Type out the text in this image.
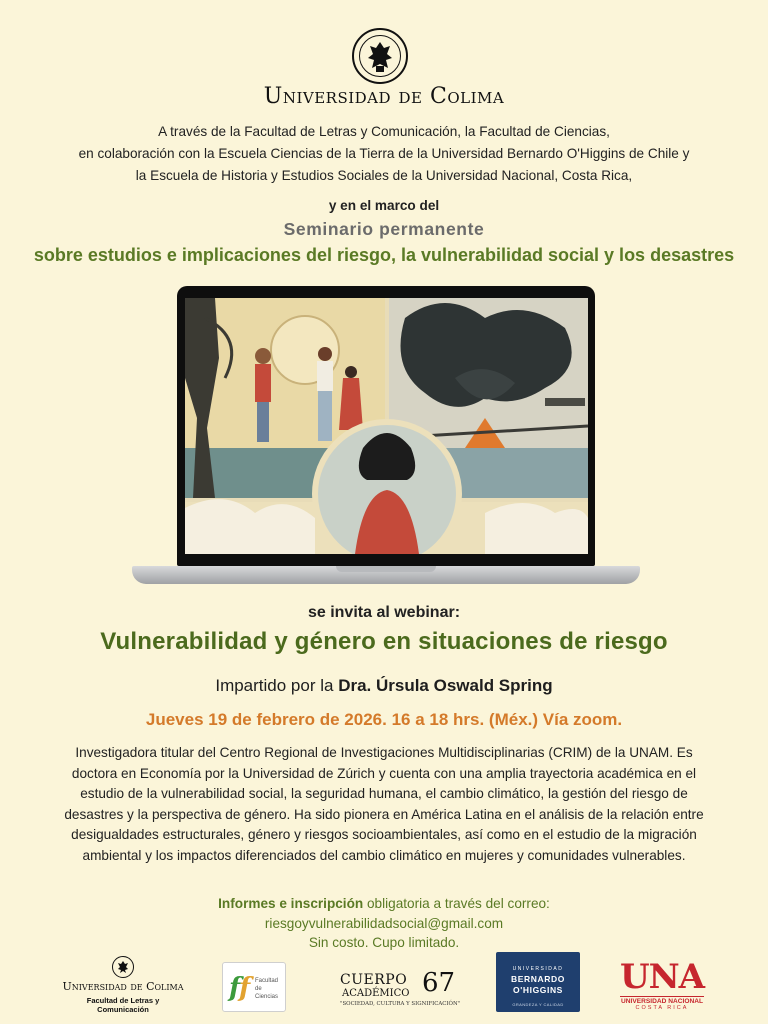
Universidad de Colima
A través de la Facultad de Letras y Comunicación, la Facultad de Ciencias,
en colaboración con la Escuela Ciencias de la Tierra de la Universidad Bernardo O'Higgins de Chile y
la Escuela de Historia y Estudios Sociales de la Universidad Nacional, Costa Rica,
y en el marco del
Seminario permanente
sobre estudios e implicaciones del riesgo, la vulnerabilidad social y los desastres
se invita al webinar:
Vulnerabilidad y género en situaciones de riesgo
Impartido por la Dra. Úrsula Oswald Spring
Jueves 19 de febrero de 2026. 16 a 18 hrs. (Méx.) Vía zoom.
Investigadora titular del Centro Regional de Investigaciones Multidisciplinarias (CRIM) de la UNAM. Es doctora en Economía por la Universidad de Zúrich y cuenta con una amplia trayectoria académica en el estudio de la vulnerabilidad social, la seguridad humana, el cambio climático, la gestión del riesgo de desastres y la perspectiva de género. Ha sido pionera en América Latina en el análisis de la relación entre desigualdades estructurales, género y riesgos socioambientales, así como en el estudio de la migración ambiental y los impactos diferenciados del cambio climático en mujeres y comunidades vulnerables.
Informes e inscripción obligatoria a través del correo:
riesgoyvulnerabilidadsocial@gmail.com
Sin costo. Cupo limitado.
Universidad de Colima
Facultad de Letras y Comunicación
f
f Facultad
de
Ciencias
CUERPO
ACADÉMICO 67
"SOCIEDAD, CULTURA Y SIGNIFICACIÓN"
UNIVERSIDAD
BERNARDO
O'HIGGINS
GRANDEZA Y CALIDAD
UNA
UNIVERSIDAD NACIONAL
COSTA RICA
